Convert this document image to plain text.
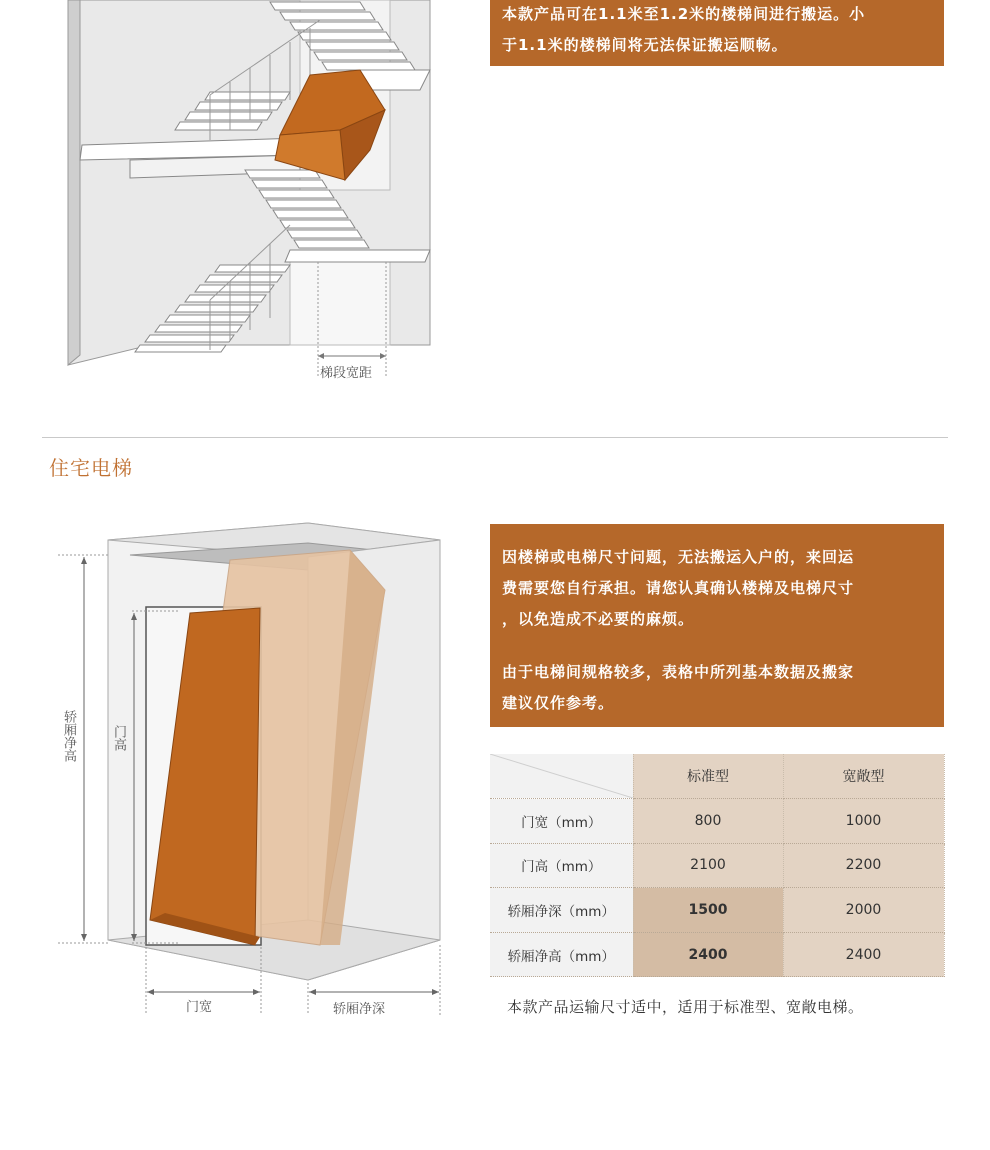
梯段宽距

本款产品可在1.1米至1.2米的楼梯间进行搬运。小

于1.1米的楼梯间将无法保证搬运顺畅。

住宅电梯
轿厢净高	门高
门宽	轿厢净深

因楼梯或电梯尺寸问题，无法搬运入户的，来回运

费需要您自行承担。请您认真确认楼梯及电梯尺寸

，以免造成不必要的麻烦。

由于电梯间规格较多，表格中所列基本数据及搬家

建议仅作参考。

	标准型	宽敞型
门宽（mm）	800	1000
门高（mm）	2100	2200
轿厢净深（mm）	1500	2000
轿厢净高（mm）	2400	2400
本款产品运输尺寸适中，适用于标准型、宽敞电梯。
